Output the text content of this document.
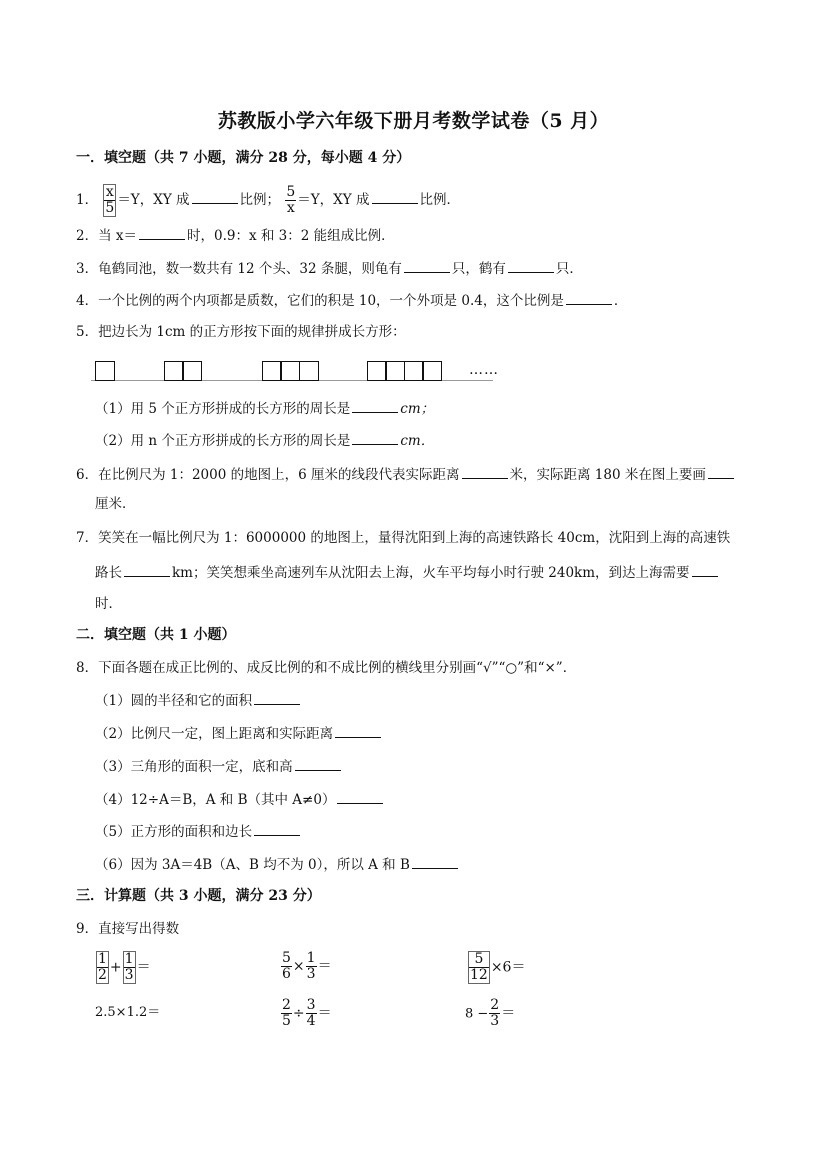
苏教版小学六年级下册月考数学试卷（5 月）
一．填空题（共 7 小题，满分 28 分，每小题 4 分）
1． $\frac{x}{5} =Y$，XY 成	比例； $\frac{5}{x} =Y$，XY 成	比例．
2．当 x＝	时，0.9：x 和 3：2 能组成比例．
3．龟鹤同池，数一数共有 12 个头、32 条腿，则龟有	只，鹤有	只．
4．一个比例的两个内项都是质数，它们的积是 10，一个外项是 0.4，这个比例是	．
5．把边长为 1cm 的正方形按下面的规律拼成长方形：
……
（1）用 5 个正方形拼成的长方形的周长是	cm；
（2）用 n 个正方形拼成的长方形的周长是	cm．
6．在比例尺为 1：2000 的地图上，6 厘米的线段代表实际距离	米，实际距离 180 米在图上要画
厘米．
7．笑笑在一幅比例尺为 1：6000000 的地图上，量得沈阳到上海的高速铁路长 40cm，沈阳到上海的高速铁
路长	km；笑笑想乘坐高速列车从沈阳去上海，火车平均每小时行驶 240km，到达上海需要
时．
二．填空题（共 1 小题）
8．下面各题在成正比例的、成反比例的和不成比例的横线里分别画“√”“○”和“×”．
（1）圆的半径和它的面积
（2）比例尺一定，图上距离和实际距离
（3）三角形的面积一定，底和高
（4）12÷A＝B，A 和 B（其中 A≠0）
（5）正方形的面积和边长
（6）因为 3A＝4B（A、B 均不为 0），所以 A 和 B
三．计算题（共 3 小题，满分 23 分）
9．直接写出得数
$\frac{1}{2} + \frac{1}{3}$ ＝	$\frac{5}{6} \times \frac{1}{3}$ ＝	$\frac{5}{12} \times 6=$
2.5×1.2＝	$\frac{2}{5} \div \frac{3}{4}$ ＝	$8 - \frac{2}{3}$ ＝
